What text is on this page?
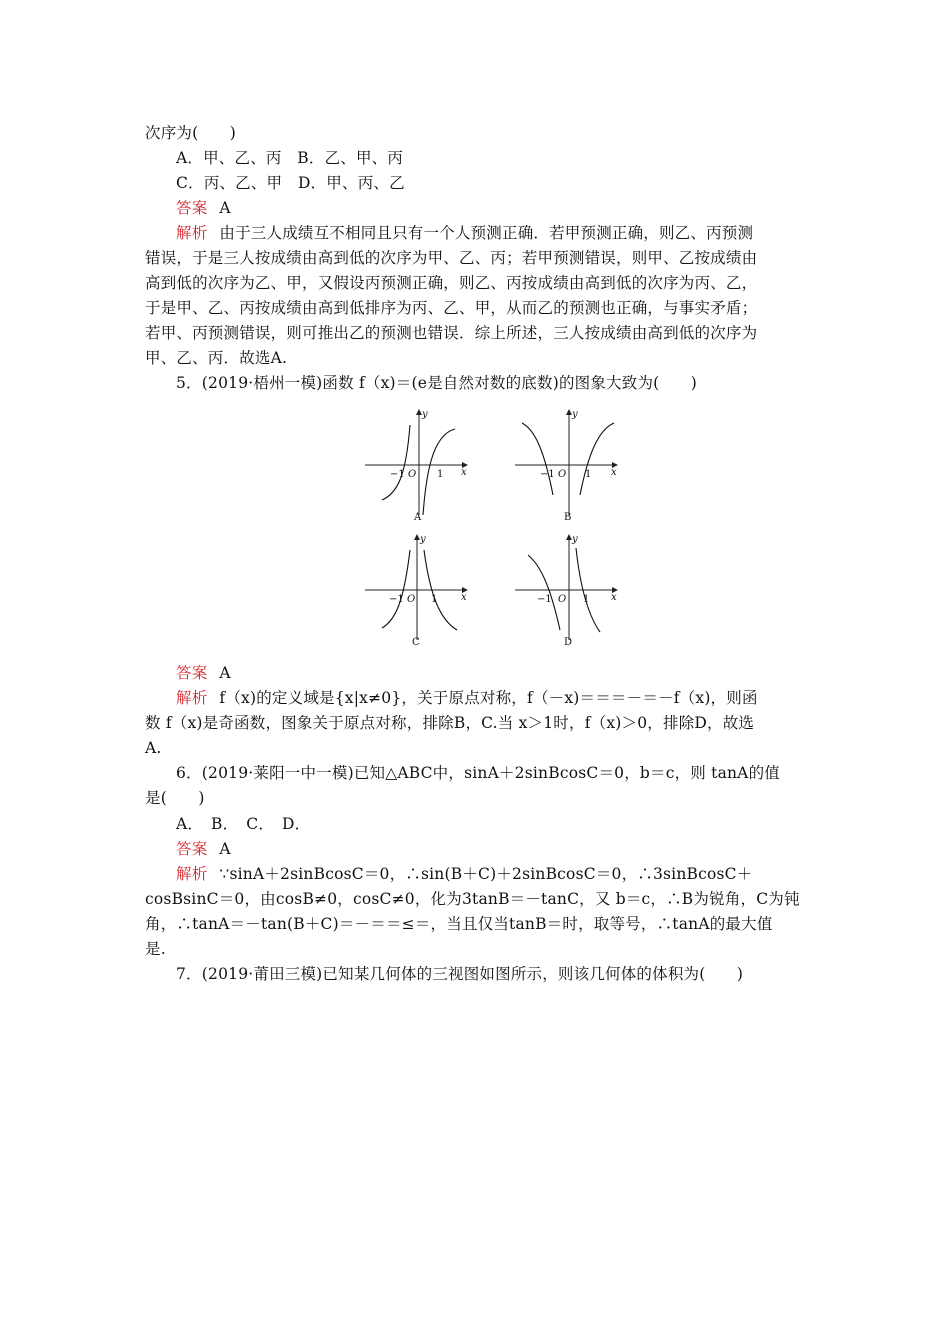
次序为(　　)
A．甲、乙、丙　B．乙、甲、丙
C．丙、乙、甲　D．甲、丙、乙
答案 A
解析 由于三人成绩互不相同且只有一个人预测正确．若甲预测正确，则乙、丙预测
错误，于是三人按成绩由高到低的次序为甲、乙、丙；若甲预测错误，则甲、乙按成绩由
高到低的次序为乙、甲，又假设丙预测正确，则乙、丙按成绩由高到低的次序为丙、乙，
于是甲、乙、丙按成绩由高到低排序为丙、乙、甲，从而乙的预测也正确，与事实矛盾；
若甲、丙预测错误，则可推出乙的预测也错误．综上所述，三人按成绩由高到低的次序为
甲、乙、丙．故选A.
5．(2019·梧州一模)函数 f（x)＝(e是自然对数的底数)的图象大致为(　　)
x
y
O
−1	1
A
x
y
O
−1	1
B
x
y
O
−1	1
C
x
y
O
−1	1
D
答案 A
解析 f（x)的定义域是{x|x≠0}，关于原点对称，f（－x)＝＝＝－＝－f（x)，则函
数 f（x)是奇函数，图象关于原点对称，排除B，C.当 x＞1时，f（x)＞0，排除D，故选
A.
6．(2019·莱阳一中一模)已知△ABC中，sinA＋2sinBcosC＝0，b＝c，则 tanA的值
是(　　)
A．　B．　C．　D．
答案 A
解析 ∵sinA＋2sinBcosC＝0，∴sin(B＋C)＋2sinBcosC＝0，∴3sinBcosC＋
cosBsinC＝0，由cosB≠0，cosC≠0，化为3tanB＝－tanC，又 b＝c，∴B为锐角，C为钝
角，∴tanA＝－tan(B＋C)＝－＝＝≤＝，当且仅当tanB＝时，取等号，∴tanA的最大值
是.
7．(2019·莆田三模)已知某几何体的三视图如图所示，则该几何体的体积为(　　)
